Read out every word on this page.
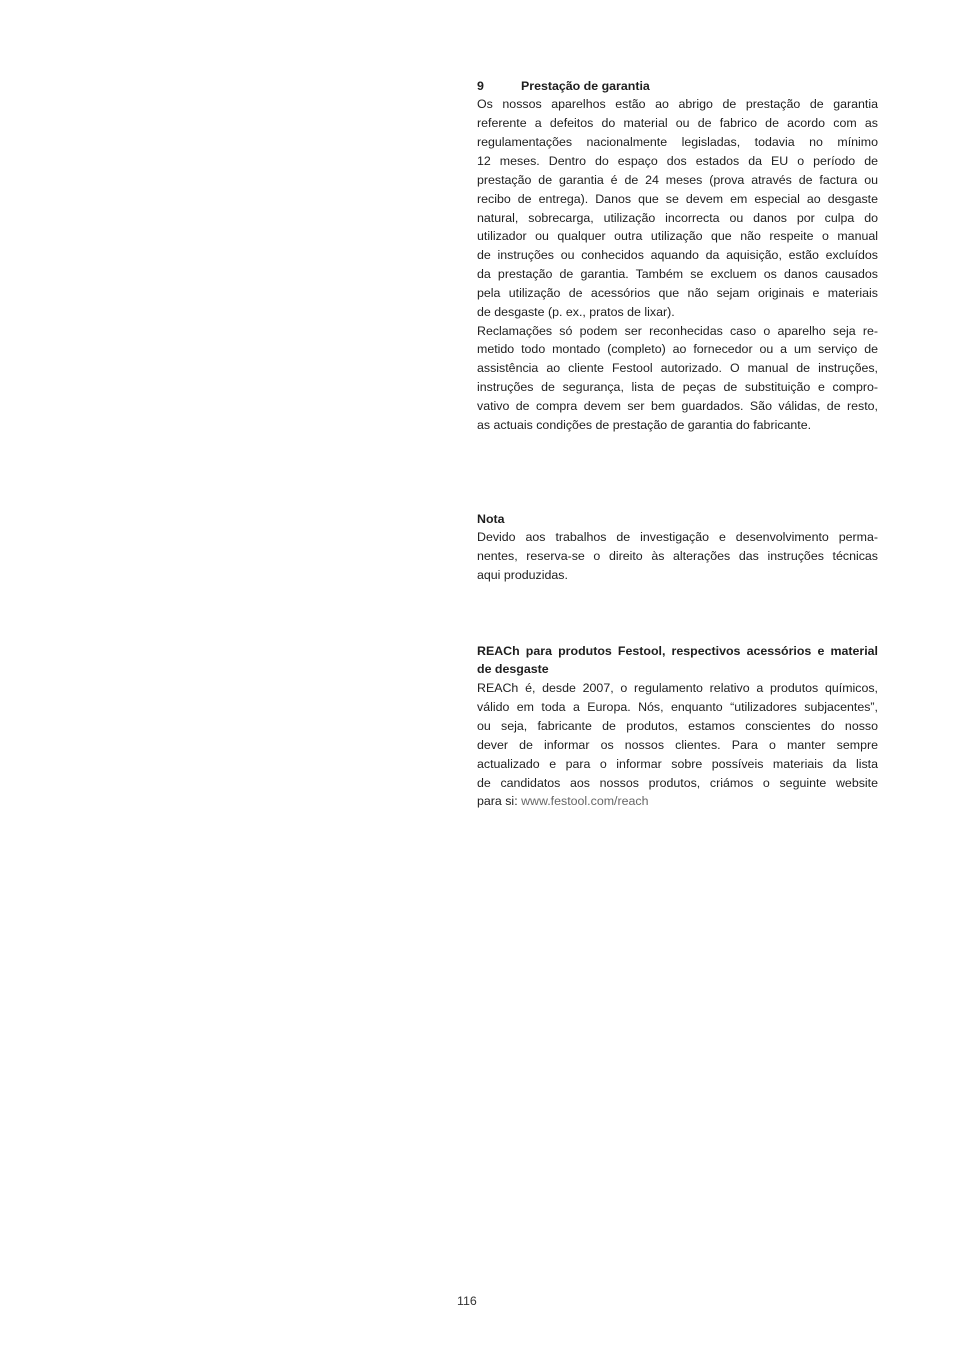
9	Prestação de garantia
Os nossos aparelhos estão ao abrigo de prestação de garantia
referente a defeitos do material ou de fabrico de acordo com as
regulamentações nacionalmente legisladas, todavia no mínimo
12 meses. Dentro do espaço dos estados da EU o período de
prestação de garantia é de 24 meses (prova através de factura ou
recibo de entrega). Danos que se devem em especial ao desgaste
natural, sobrecarga, utilização incorrecta ou danos por culpa do
utilizador ou qualquer outra utilização que não respeite o manual
de instruções ou conhecidos aquando da aquisição, estão excluídos
da prestação de garantia. Também se excluem os danos causados
pela utilização de acessórios que não sejam originais e materiais
de desgaste (p. ex., pratos de lixar).
Reclamações só podem ser reconhecidas caso o aparelho seja re-
metido todo montado (completo) ao fornecedor ou a um serviço de
assistência ao cliente Festool autorizado. O manual de instruções,
instruções de segurança, lista de peças de substituição e compro-
vativo de compra devem ser bem guardados. São válidas, de resto,
as actuais condições de prestação de garantia do fabricante.
Nota
Devido aos trabalhos de investigação e desenvolvimento perma-
nentes, reserva-se o direito às alterações das instruções técnicas
aqui produzidas.
REACh para produtos Festool, respectivos acessórios e material
de desgaste
REACh é, desde 2007, o regulamento relativo a produtos químicos,
válido em toda a Europa. Nós, enquanto “utilizadores subjacentes”,
ou seja, fabricante de produtos, estamos conscientes do nosso
dever de informar os nossos clientes. Para o manter sempre
actualizado e para o informar sobre possíveis materiais da lista
de candidatos aos nossos produtos, criámos o seguinte website
para si: www.festool.com/reach
116
